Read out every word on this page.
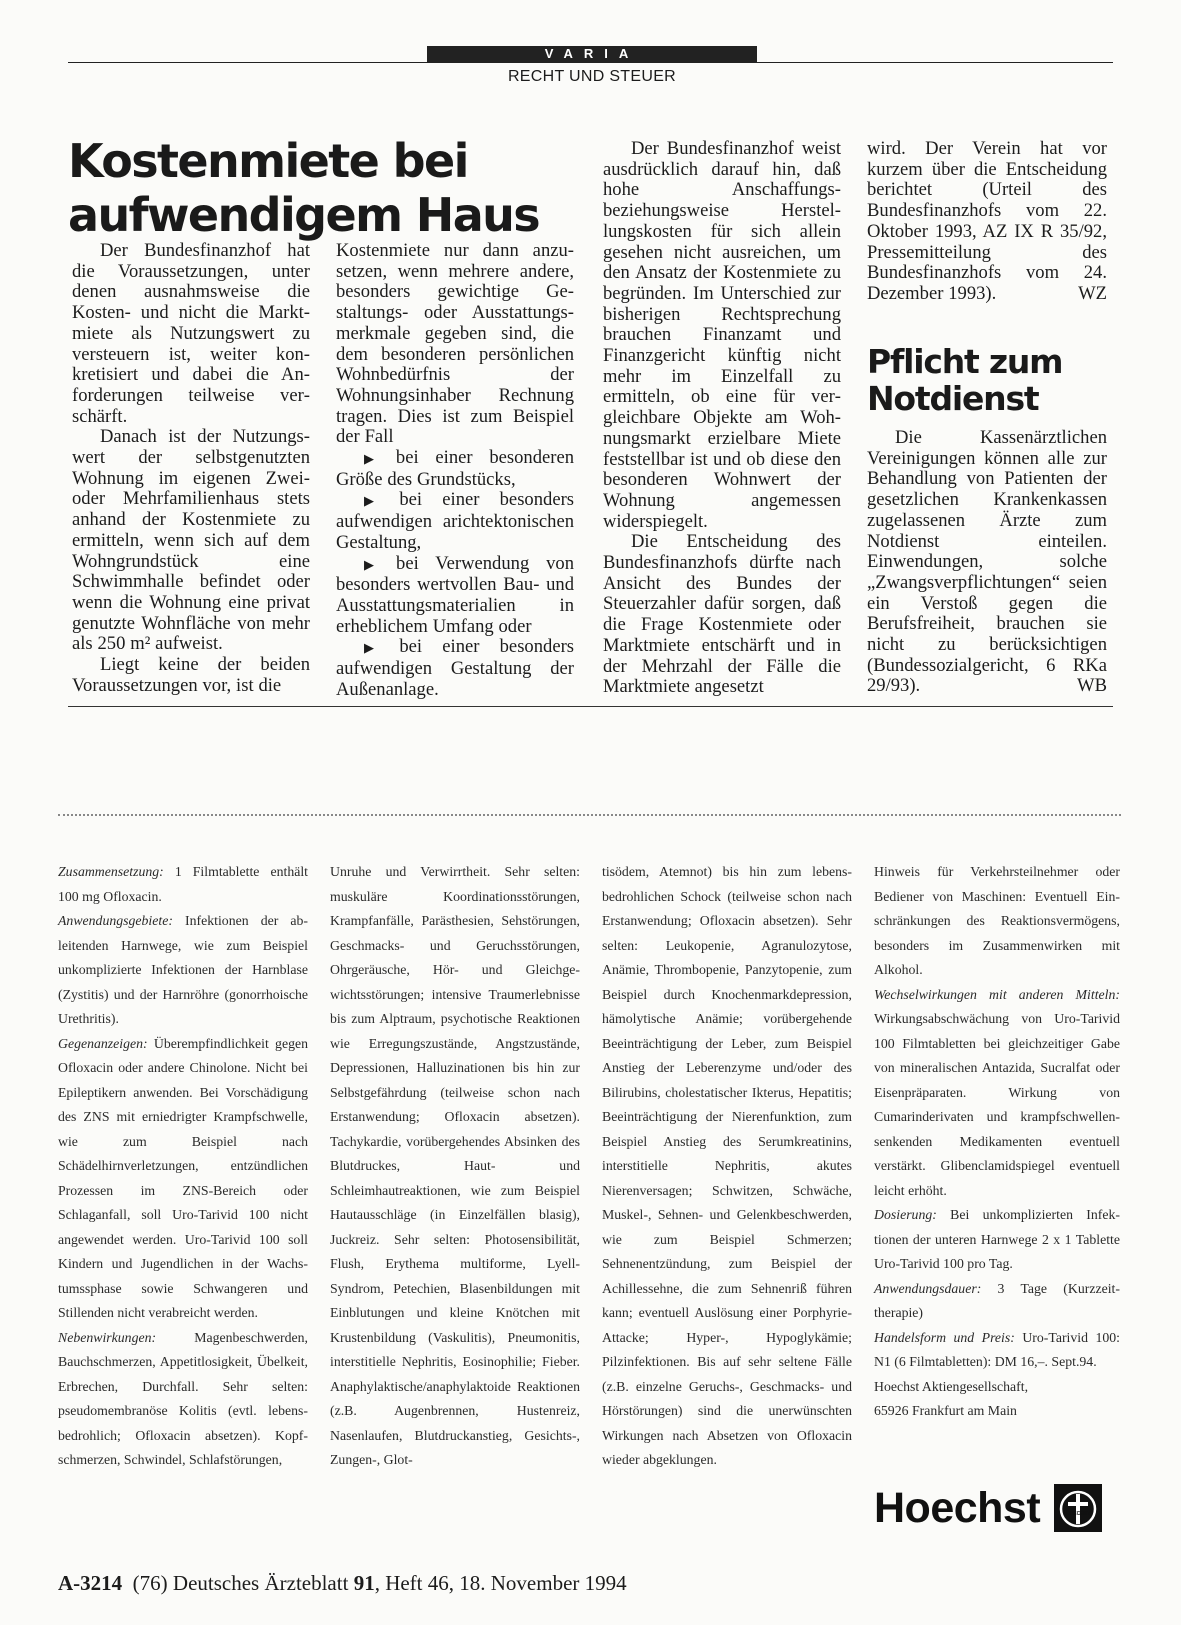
VARIA
RECHT UND STEUER
Kostenmiete bei aufwendigem Haus

Der Bundesfinanzhof hat die Voraussetzungen, unter denen ausnahmsweise die Kosten- und nicht die Marktmiete als Nutzungswert zu versteuern ist, weiter konkretisiert und dabei die Anforderungen teilweise verschärft.

Danach ist der Nutzungswert der selbstgenutzten Wohnung im eigenen Zwei- oder Mehrfamilienhaus stets anhand der Kostenmiete zu ermitteln, wenn sich auf dem Wohngrundstück eine Schwimmhalle befindet oder wenn die Wohnung eine privat genutzte Wohnfläche von mehr als 250 m² aufweist.

Liegt keine der beiden Voraussetzungen vor, ist die

Kostenmiete nur dann anzusetzen, wenn mehrere andere, besonders gewichtige Gestaltungs- oder Ausstattungsmerkmale gegeben sind, die dem besonderen persönlichen Wohnbedürfnis der Wohnungsinhaber Rechnung tragen. Dies ist zum Beispiel der Fall

▶ bei einer besonderen Größe des Grundstücks,

▶ bei einer besonders aufwendigen arichtektonischen Gestaltung,

▶ bei Verwendung von besonders wertvollen Bau- und Ausstattungsmaterialien in erheblichem Umfang oder

▶ bei einer besonders aufwendigen Gestaltung der Außenanlage.

Der Bundesfinanzhof weist ausdrücklich darauf hin, daß hohe Anschaffungsbeziehungsweise Herstellungskosten für sich allein gesehen nicht ausreichen, um den Ansatz der Kostenmiete zu begründen. Im Unterschied zur bisherigen Rechtsprechung brauchen Finanzamt und Finanzgericht künftig nicht mehr im Einzelfall zu ermitteln, ob eine für vergleichbare Objekte am Wohnungsmarkt erzielbare Miete feststellbar ist und ob diese den besonderen Wohnwert der Wohnung angemessen widerspiegelt.

Die Entscheidung des Bundesfinanzhofs dürfte nach Ansicht des Bundes der Steuerzahler dafür sorgen, daß die Frage Kostenmiete oder Marktmiete entschärft und in der Mehrzahl der Fälle die Marktmiete angesetzt

wird. Der Verein hat vor kurzem über die Entscheidung berichtet (Urteil des Bundesfinanzhofs vom 22. Oktober 1993, AZ IX R 35/92, Pressemitteilung des Bundesfinanzhofs vom 24. Dezember 1993).	WZ

Pflicht zum Notdienst

Die Kassenärztlichen Vereinigungen können alle zur Behandlung von Patienten der gesetzlichen Krankenkassen zugelassenen Ärzte zum Notdienst einteilen. Einwendungen, solche „Zwangsverpflichtungen“ seien ein Verstoß gegen die Berufsfreiheit, brauchen sie nicht zu berücksichtigen (Bundessozialgericht, 6 RKa 29/93).	WB

Zusammensetzung: 1 Filmtablette enthält 100 mg Ofloxacin.

Anwendungsgebiete: Infektionen der ableitenden Harnwege, wie zum Beispiel unkomplizierte Infektionen der Harnblase (Zystitis) und der Harnröhre (gonorrhoische Urethritis).

Gegenanzeigen: Überempfindlichkeit gegen Ofloxacin oder andere Chinolone. Nicht bei Epileptikern anwenden. Bei Vorschädigung des ZNS mit erniedrigter Krampfschwelle, wie zum Beispiel nach Schädelhirnverletzungen, entzündlichen Prozessen im ZNS-Bereich oder Schlaganfall, soll Uro-Tarivid 100 nicht angewendet werden. Uro-Tarivid 100 soll Kindern und Jugendlichen in der Wachstumssphase sowie Schwangeren und Stillenden nicht verabreicht werden.

Nebenwirkungen:	Magenbeschwerden, Bauchschmerzen, Appetitlosigkeit, Übelkeit, Erbrechen, Durchfall. Sehr selten: pseudomembranöse Kolitis (evtl. lebensbedrohlich; Ofloxacin absetzen). Kopfschmerzen, Schwindel, Schlafstörungen,

Unruhe und Verwirrtheit. Sehr selten: muskuläre Koordinationsstörungen, Krampfanfälle, Parästhesien, Sehstörungen, Geschmacks- und Geruchsstörungen, Ohrgeräusche, Hör- und Gleichgewichtsstörungen; intensive Traumerlebnisse bis zum Alptraum, psychotische Reaktionen wie Erregungszustände, Angstzustände, Depressionen, Halluzinationen bis hin zur Selbstgefährdung (teilweise schon nach Erstanwendung; Ofloxacin absetzen). Tachykardie, vorübergehendes Absinken des Blutdruckes, Haut- und Schleimhautreaktionen, wie zum Beispiel Hautausschläge (in Einzelfällen blasig), Juckreiz. Sehr selten: Photosensibilität, Flush, Erythema multiforme, Lyell-Syndrom, Petechien, Blasenbildungen mit Einblutungen und kleine Knötchen mit Krustenbildung (Vaskulitis), Pneumonitis, interstitielle Nephritis, Eosinophilie; Fieber. Anaphylaktische/anaphylaktoide Reaktionen (z.B. Augenbrennen, Hustenreiz, Nasenlaufen, Blutdruckanstieg, Gesichts-, Zungen-, Glot-

tisödem, Atemnot) bis hin zum lebensbedrohlichen Schock (teilweise schon nach Erstanwendung; Ofloxacin absetzen). Sehr selten: Leukopenie, Agranulozytose, Anämie, Thrombopenie, Panzytopenie, zum Beispiel durch Knochenmarkdepression, hämolytische Anämie; vorübergehende Beeinträchtigung der Leber, zum Beispiel Anstieg der Leberenzyme und/oder des Bilirubins, cholestatischer Ikterus, Hepatitis; Beeinträchtigung der Nierenfunktion, zum Beispiel Anstieg des Serumkreatinins, interstitielle Nephritis, akutes Nierenversagen; Schwitzen, Schwäche, Muskel-, Sehnen- und Gelenkbeschwerden, wie zum Beispiel Schmerzen; Sehnenentzündung, zum Beispiel der Achillessehne, die zum Sehnenriß führen kann; eventuell Auslösung einer Porphyrie-Attacke; Hyper-, Hypoglykämie; Pilzinfektionen. Bis auf sehr seltene Fälle (z.B. einzelne Geruchs-, Geschmacks- und Hörstörungen) sind die unerwünschten Wirkungen nach Absetzen von Ofloxacin wieder abgeklungen.

Hinweis für Verkehrsteilnehmer oder Bediener von Maschinen: Eventuell Einschränkungen des Reaktionsvermögens, besonders im Zusammenwirken mit Alkohol.

Wechselwirkungen mit anderen Mitteln: Wirkungsabschwächung von Uro-Tarivid 100 Filmtabletten bei gleichzeitiger Gabe von mineralischen Antazida, Sucralfat oder Eisenpräparaten. Wirkung von Cumarinderivaten und krampfschwellensenkenden Medikamenten eventuell verstärkt. Glibenclamidspiegel eventuell leicht erhöht.

Dosierung: Bei unkomplizierten Infektionen der unteren Harnwege 2 x 1 Tablette Uro-Tarivid 100 pro Tag.

Anwendungsdauer: 3 Tage (Kurzzeittherapie)

Handelsform und Preis: Uro-Tarivid 100: N1 (6 Filmtabletten): DM 16,–. Sept.94.

Hoechst Aktiengesellschaft,

65926 Frankfurt am Main

Hoechst	HOECHST
A-3214 (76) Deutsches Ärzteblatt 91, Heft 46, 18. November 1994
